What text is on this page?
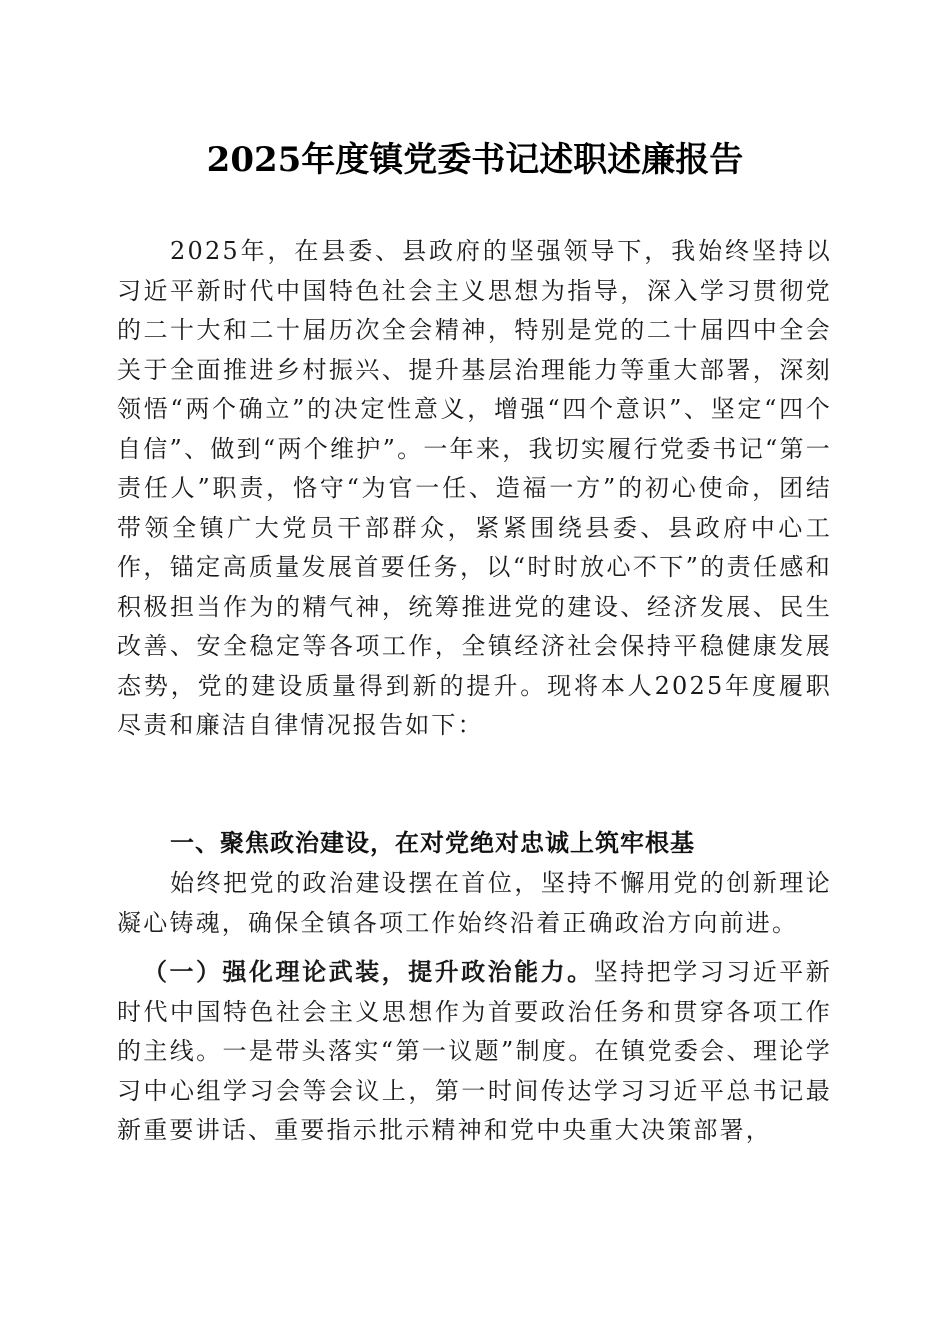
2025年度镇党委书记述职述廉报告
2025年，在县委、县政府的坚强领导下，我始终坚持以习近平新时代中国特色社会主义思想为指导，深入学习贯彻党的二十大和二十届历次全会精神，特别是党的二十届四中全会关于全面推进乡村振兴、提升基层治理能力等重大部署，深刻领悟“两个确立”的决定性意义，增强“四个意识”、坚定“四个自信”、做到“两个维护”。一年来，我切实履行党委书记“第一责任人”职责，恪守“为官一任、造福一方”的初心使命，团结带领全镇广大党员干部群众，紧紧围绕县委、县政府中心工作，锚定高质量发展首要任务，以“时时放心不下”的责任感和积极担当作为的精气神，统筹推进党的建设、经济发展、民生改善、安全稳定等各项工作，全镇经济社会保持平稳健康发展态势，党的建设质量得到新的提升。现将本人2025年度履职尽责和廉洁自律情况报告如下：
一、聚焦政治建设，在对党绝对忠诚上筑牢根基
始终把党的政治建设摆在首位，坚持不懈用党的创新理论凝心铸魂，确保全镇各项工作始终沿着正确政治方向前进。
（一）强化理论武装，提升政治能力。坚持把学习习近平新时代中国特色社会主义思想作为首要政治任务和贯穿各项工作的主线。一是带头落实“第一议题”制度。在镇党委会、理论学习中心组学习会等会议上，第一时间传达学习习近平总书记最新重要讲话、重要指示批示精神和党中央重大决策部署，
